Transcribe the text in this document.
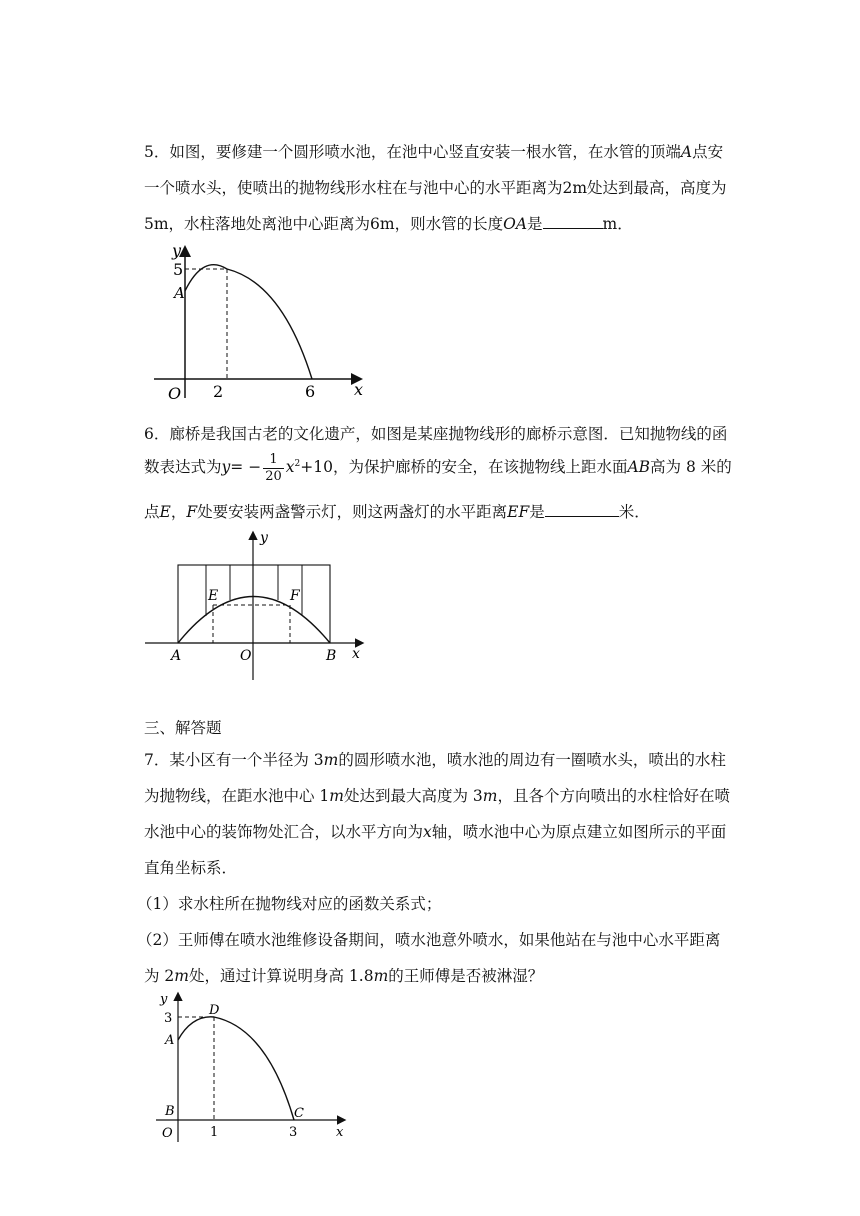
5．如图，要修建一个圆形喷水池，在池中心竖直安装一根水管，在水管的顶端A点安
一个喷水头，使喷出的抛物线形水柱在与池中心的水平距离为2m处达到最高，高度为
5m，水柱落地处离池中心距离为6m，则水管的长度OA是	m．
y
5
A
O 2	6 x
6．廊桥是我国古老的文化遗产，如图是某座抛物线形的廊桥示意图．已知抛物线的函
数表达式为$y= - \frac{1}{20} x^2+10$，为保护廊桥的安全，在该抛物线上距水面AB高为 8 米的
点E，F处要安装两盏警示灯，则这两盏灯的水平距离EF是	米．
y
E	F
A	O	B x
三、解答题
7．某小区有一个半径为 3m的圆形喷水池，喷水池的周边有一圈喷水头，喷出的水柱
为抛物线，在距水池中心 1m处达到最大高度为 3m，且各个方向喷出的水柱恰好在喷
水池中心的装饰物处汇合，以水平方向为x轴，喷水池中心为原点建立如图所示的平面
直角坐标系．
（1）求水柱所在抛物线对应的函数关系式；
（2）王师傅在喷水池维修设备期间，喷水池意外喷水，如果他站在与池中心水平距离
为 2m处，通过计算说明身高 1.8m的王师傅是否被淋湿？
y
3
D
A
B	C
O	1	3	x
